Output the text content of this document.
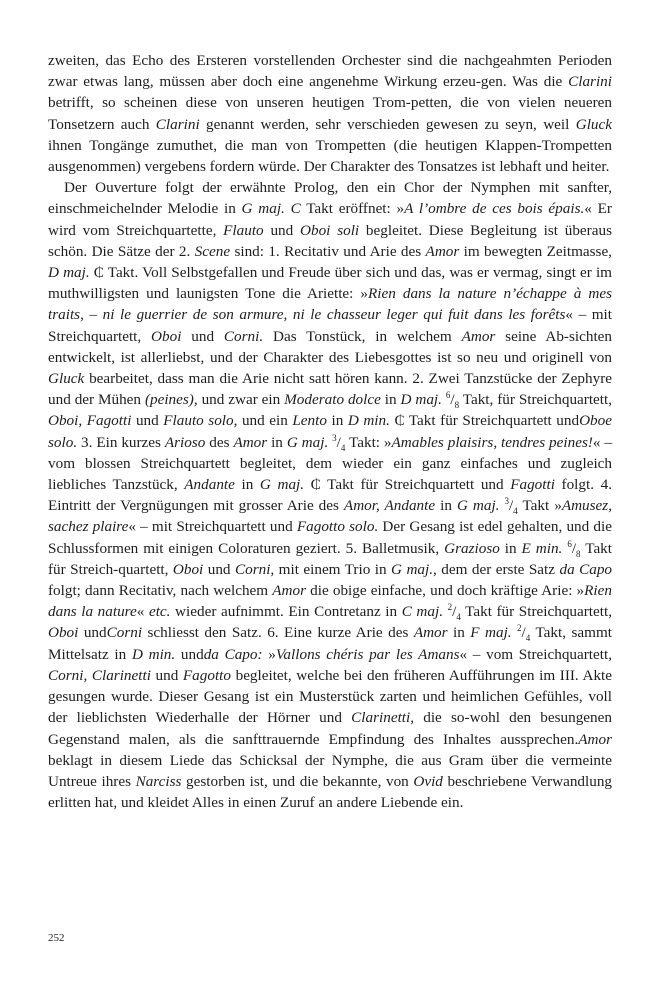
zweiten, das Echo des Ersteren vorstellenden Orchester sind die nachgeahmten Perioden zwar etwas lang, müssen aber doch eine angenehme Wirkung erzeu-gen. Was die Clarini betrifft, so scheinen diese von unseren heutigen Trom-petten, die von vielen neueren Tonsetzern auch Clarini genannt werden, sehr verschieden gewesen zu seyn, weil Gluck ihnen Tongänge zumuthet, die man von Trompetten (die heutigen Klappen-Trompetten ausgenommen) vergebens fordern würde. Der Charakter des Tonsatzes ist lebhaft und heiter.

Der Ouverture folgt der erwähnte Prolog, den ein Chor der Nymphen mit sanfter, einschmeichelnder Melodie in G maj. C Takt eröffnet: »A l’ombre de ces bois épais.« Er wird vom Streichquartette, Flauto und Oboi soli begleitet. Diese Begleitung ist überaus schön. Die Sätze der 2. Scene sind: 1. Recitativ und Arie des Amor im bewegten Zeitmasse, D maj. ₵ Takt. Voll Selbstgefallen und Freude über sich und das, was er vermag, singt er im muthwilligsten und launigsten Tone die Ariette: »Rien dans la nature n’échappe à mes traits, – ni le guerrier de son armure, ni le chasseur leger qui fuit dans les forêts« – mit Streichquartett, Oboi und Corni. Das Tonstück, in welchem Amor seine Ab-sichten entwickelt, ist allerliebst, und der Charakter des Liebesgottes ist so neu und originell von Gluck bearbeitet, dass man die Arie nicht satt hören kann. 2. Zwei Tanzstücke der Zephyre und der Mühen (peines), und zwar ein Moderato dolce in D maj. $^6/_8$ Takt, für Streichquartett, Oboi, Fagotti und Flauto solo, und ein Lento in D min. ₵ Takt für Streichquartett undOboe solo. 3. Ein kurzes Arioso des Amor in G maj. $^3/_4$ Takt: »Amables plaisirs, tendres peines!« – vom blossen Streichquartett begleitet, dem wieder ein ganz einfaches und zugleich liebliches Tanzstück, Andante in G maj. ₵ Takt für Streichquartett und Fagotti folgt. 4. Eintritt der Vergnügungen mit grosser Arie des Amor, Andante in G maj. $^3/_4$ Takt »Amusez, sachez plaire« – mit Streichquartett und Fagotto solo. Der Gesang ist edel gehalten, und die Schlussformen mit einigen Coloraturen geziert. 5. Balletmusik, Grazioso in E min. $^6/_8$ Takt für Streich-quartett, Oboi und Corni, mit einem Trio in G maj., dem der erste Satz da Capo folgt; dann Recitativ, nach welchem Amor die obige einfache, und doch kräftige Arie: »Rien dans la nature« etc. wieder aufnimmt. Ein Contretanz in C maj. $^2/_4$ Takt für Streichquartett, Oboi undCorni schliesst den Satz. 6. Eine kurze Arie des Amor in F maj. $^2/_4$ Takt, sammt Mittelsatz in D min. undda Capo: »Vallons chéris par les Amans« – vom Streichquartett, Corni, Clarinetti und Fagotto begleitet, welche bei den früheren Aufführungen im III. Akte gesungen wurde. Dieser Gesang ist ein Musterstück zarten und heimlichen Gefühles, voll der lieblichsten Wiederhalle der Hörner und Clarinetti, die so-wohl den besungenen Gegenstand malen, als die sanfttrauernde Empfindung des Inhaltes aussprechen.Amor beklagt in diesem Liede das Schicksal der Nymphe, die aus Gram über die vermeinte Untreue ihres Narciss gestorben ist, und die bekannte, von Ovid beschriebene Verwandlung erlitten hat, und kleidet Alles in einen Zuruf an andere Liebende ein.

252
